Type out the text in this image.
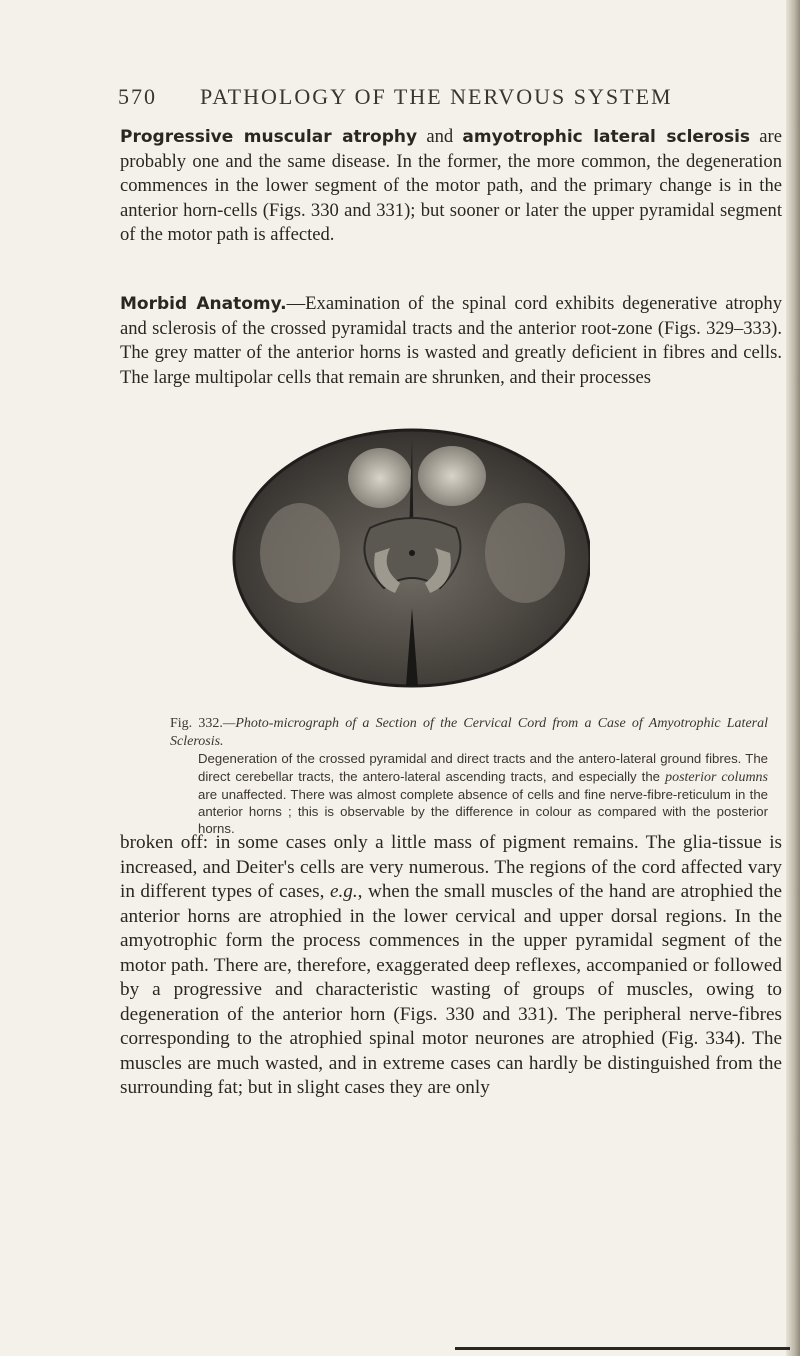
570 PATHOLOGY OF THE NERVOUS SYSTEM
Progressive muscular atrophy and amyotrophic lateral sclerosis are probably one and the same disease. In the former, the more common, the degeneration commences in the lower segment of the motor path, and the primary change is in the anterior horn-cells (Figs. 330 and 331); but sooner or later the upper pyramidal segment of the motor path is affected.
Morbid Anatomy.—Examination of the spinal cord exhibits degenerative atrophy and sclerosis of the crossed pyramidal tracts and the anterior root-zone (Figs. 329–333). The grey matter of the anterior horns is wasted and greatly deficient in fibres and cells. The large multipolar cells that remain are shrunken, and their processes
Fig. 332.—Photo-micrograph of a Section of the Cervical Cord from a Case of Amyotrophic Lateral Sclerosis.
Degeneration of the crossed pyramidal and direct tracts and the antero-lateral ground fibres. The direct cerebellar tracts, the antero-lateral ascending tracts, and especially the posterior columns are unaffected. There was almost complete absence of cells and fine nerve-fibre-reticulum in the anterior horns ; this is observable by the difference in colour as compared with the posterior horns.
broken off: in some cases only a little mass of pigment remains. The glia-tissue is increased, and Deiter's cells are very numerous. The regions of the cord affected vary in different types of cases, e.g., when the small muscles of the hand are atrophied the anterior horns are atrophied in the lower cervical and upper dorsal regions. In the amyotrophic form the process commences in the upper pyramidal segment of the motor path. There are, therefore, exaggerated deep reflexes, accompanied or followed by a progressive and characteristic wasting of groups of muscles, owing to degeneration of the anterior horn (Figs. 330 and 331). The peripheral nerve-fibres corresponding to the atrophied spinal motor neurones are atrophied (Fig. 334). The muscles are much wasted, and in extreme cases can hardly be distinguished from the surrounding fat; but in slight cases they are only
